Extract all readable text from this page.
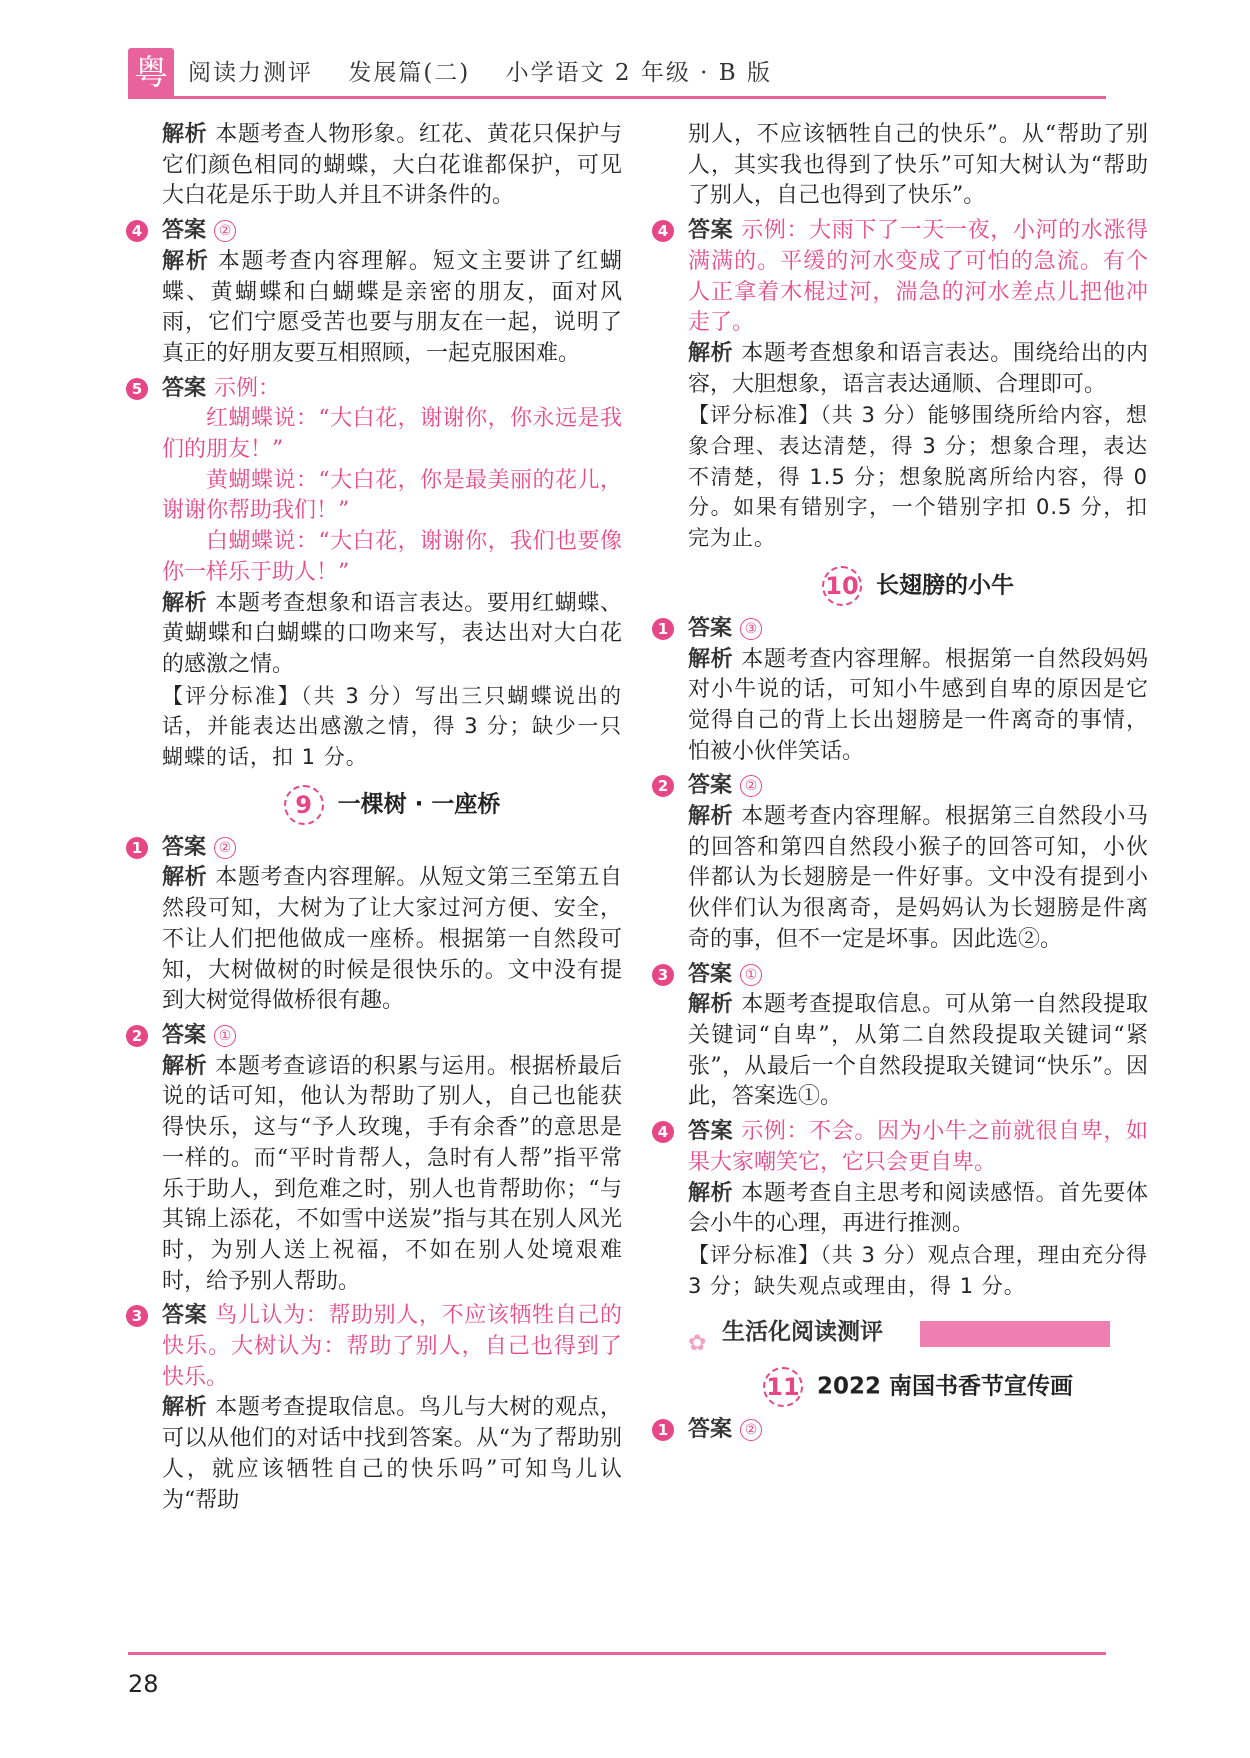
粤 阅读力测评 发展篇(二) 小学语文 2 年级 · B 版

解析 本题考查人物形象。红花、黄花只保护与它们颜色相同的蝴蝶，大白花谁都保护，可见大白花是乐于助人并且不讲条件的。

4 答案 ②

解析 本题考查内容理解。短文主要讲了红蝴蝶、黄蝴蝶和白蝴蝶是亲密的朋友，面对风雨，它们宁愿受苦也要与朋友在一起，说明了真正的好朋友要互相照顾，一起克服困难。

5 答案 示例：

红蝴蝶说：“大白花，谢谢你，你永远是我们的朋友！”

黄蝴蝶说：“大白花，你是最美丽的花儿，谢谢你帮助我们！”

白蝴蝶说：“大白花，谢谢你，我们也要像你一样乐于助人！”

解析 本题考查想象和语言表达。要用红蝴蝶、黄蝴蝶和白蝴蝶的口吻来写，表达出对大白花的感激之情。

【评分标准】（共 3 分）写出三只蝴蝶说出的话，并能表达出感激之情，得 3 分；缺少一只蝴蝶的话，扣 1 分。

9 一棵树 · 一座桥
1 答案 ②

解析 本题考查内容理解。从短文第三至第五自然段可知，大树为了让大家过河方便、安全，不让人们把他做成一座桥。根据第一自然段可知，大树做树的时候是很快乐的。文中没有提到大树觉得做桥很有趣。

2 答案 ①

解析 本题考查谚语的积累与运用。根据桥最后说的话可知，他认为帮助了别人，自己也能获得快乐，这与“予人玫瑰，手有余香”的意思是一样的。而“平时肯帮人，急时有人帮”指平常乐于助人，到危难之时，别人也肯帮助你；“与其锦上添花，不如雪中送炭”指与其在别人风光时，为别人送上祝福，不如在别人处境艰难时，给予别人帮助。

3 答案 鸟儿认为：帮助别人，不应该牺牲自己的快乐。大树认为：帮助了别人，自己也得到了快乐。

解析 本题考查提取信息。鸟儿与大树的观点，可以从他们的对话中找到答案。从“为了帮助别人，就应该牺牲自己的快乐吗”可知鸟儿认为“帮助

别人，不应该牺牲自己的快乐”。从“帮助了别人，其实我也得到了快乐”可知大树认为“帮助了别人，自己也得到了快乐”。

4 答案 示例：大雨下了一天一夜，小河的水涨得满满的。平缓的河水变成了可怕的急流。有个人正拿着木棍过河，湍急的河水差点儿把他冲走了。

解析 本题考查想象和语言表达。围绕给出的内容，大胆想象，语言表达通顺、合理即可。

【评分标准】（共 3 分）能够围绕所给内容，想象合理、表达清楚，得 3 分；想象合理，表达不清楚，得 1.5 分；想象脱离所给内容，得 0 分。如果有错别字，一个错别字扣 0.5 分，扣完为止。

10 长翅膀的小牛
1 答案 ③

解析 本题考查内容理解。根据第一自然段妈妈对小牛说的话，可知小牛感到自卑的原因是它觉得自己的背上长出翅膀是一件离奇的事情，怕被小伙伴笑话。

2 答案 ②

解析 本题考查内容理解。根据第三自然段小马的回答和第四自然段小猴子的回答可知，小伙伴都认为长翅膀是一件好事。文中没有提到小伙伴们认为很离奇，是妈妈认为长翅膀是件离奇的事，但不一定是坏事。因此选②。

3 答案 ①

解析 本题考查提取信息。可从第一自然段提取关键词“自卑”，从第二自然段提取关键词“紧张”，从最后一个自然段提取关键词“快乐”。因此，答案选①。

4 答案 示例：不会。因为小牛之前就很自卑，如果大家嘲笑它，它只会更自卑。

解析 本题考查自主思考和阅读感悟。首先要体会小牛的心理，再进行推测。

【评分标准】（共 3 分）观点合理，理由充分得 3 分；缺失观点或理由，得 1 分。

✿ 生活化阅读测评
11 2022 南国书香节宣传画
1 答案 ②

28
